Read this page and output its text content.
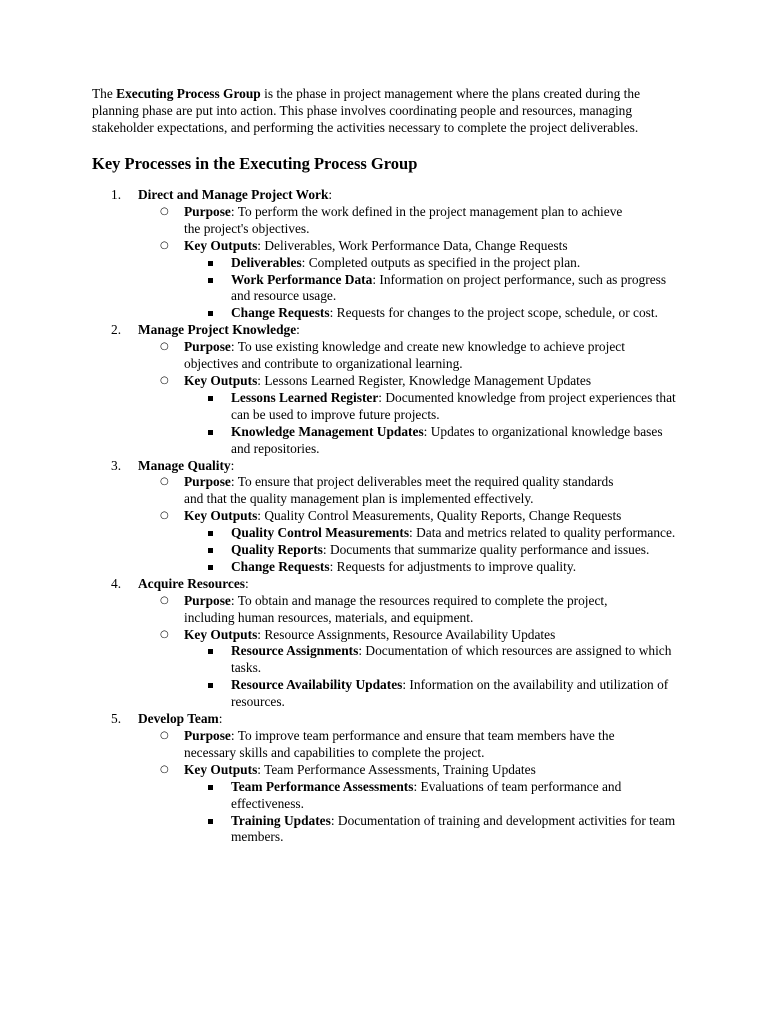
The Executing Process Group is the phase in project management where the plans created during the planning phase are put into action. This phase involves coordinating people and resources, managing stakeholder expectations, and performing the activities necessary to complete the project deliverables.

Key Processes in the Executing Process Group
1.	Direct and Manage Project Work:
○ Purpose: To perform the work defined in the project management plan to achieve the project's objectives.
○ Key Outputs: Deliverables, Work Performance Data, Change Requests
Deliverables: Completed outputs as specified in the project plan.
Work Performance Data: Information on project performance, such as progress and resource usage.
Change Requests: Requests for changes to the project scope, schedule, or cost.
2.	Manage Project Knowledge:
○ Purpose: To use existing knowledge and create new knowledge to achieve project objectives and contribute to organizational learning.
○ Key Outputs: Lessons Learned Register, Knowledge Management Updates
Lessons Learned Register: Documented knowledge from project experiences that can be used to improve future projects.
Knowledge Management Updates: Updates to organizational knowledge bases and repositories.
3.	Manage Quality:
○ Purpose: To ensure that project deliverables meet the required quality standards and that the quality management plan is implemented effectively.
○ Key Outputs: Quality Control Measurements, Quality Reports, Change Requests
Quality Control Measurements: Data and metrics related to quality performance.
Quality Reports: Documents that summarize quality performance and issues.
Change Requests: Requests for adjustments to improve quality.
4.	Acquire Resources:
○ Purpose: To obtain and manage the resources required to complete the project, including human resources, materials, and equipment.
○ Key Outputs: Resource Assignments, Resource Availability Updates
Resource Assignments: Documentation of which resources are assigned to which tasks.
Resource Availability Updates: Information on the availability and utilization of resources.
5.	Develop Team:
○ Purpose: To improve team performance and ensure that team members have the necessary skills and capabilities to complete the project.
○ Key Outputs: Team Performance Assessments, Training Updates
Team Performance Assessments: Evaluations of team performance and effectiveness.
Training Updates: Documentation of training and development activities for team members.
